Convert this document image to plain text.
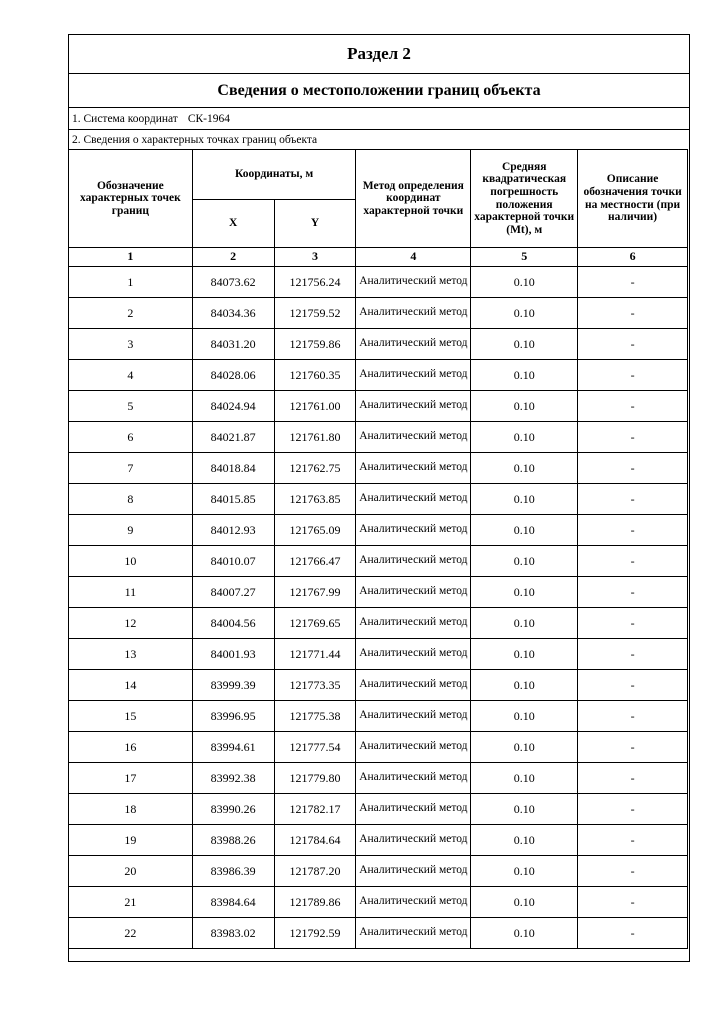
Раздел 2
Сведения о местоположении границ объекта
1. Система координат СК-1964
2. Сведения о характерных точках границ объекта
Обозначение характерных точек границ	Координаты, м		Метод определения координат характерной точки	Средняя квадратическая погрешность положения характерной точки (Mt), м	Описание обозначения точки на местности (при наличии)
	X	Y			
1	2	3	4	5	6
1	84073.62	121756.24	Аналитический метод	0.10	-
2	84034.36	121759.52	Аналитический метод	0.10	-
3	84031.20	121759.86	Аналитический метод	0.10	-
4	84028.06	121760.35	Аналитический метод	0.10	-
5	84024.94	121761.00	Аналитический метод	0.10	-
6	84021.87	121761.80	Аналитический метод	0.10	-
7	84018.84	121762.75	Аналитический метод	0.10	-
8	84015.85	121763.85	Аналитический метод	0.10	-
9	84012.93	121765.09	Аналитический метод	0.10	-
10	84010.07	121766.47	Аналитический метод	0.10	-
11	84007.27	121767.99	Аналитический метод	0.10	-
12	84004.56	121769.65	Аналитический метод	0.10	-
13	84001.93	121771.44	Аналитический метод	0.10	-
14	83999.39	121773.35	Аналитический метод	0.10	-
15	83996.95	121775.38	Аналитический метод	0.10	-
16	83994.61	121777.54	Аналитический метод	0.10	-
17	83992.38	121779.80	Аналитический метод	0.10	-
18	83990.26	121782.17	Аналитический метод	0.10	-
19	83988.26	121784.64	Аналитический метод	0.10	-
20	83986.39	121787.20	Аналитический метод	0.10	-
21	83984.64	121789.86	Аналитический метод	0.10	-
22	83983.02	121792.59	Аналитический метод	0.10	-
